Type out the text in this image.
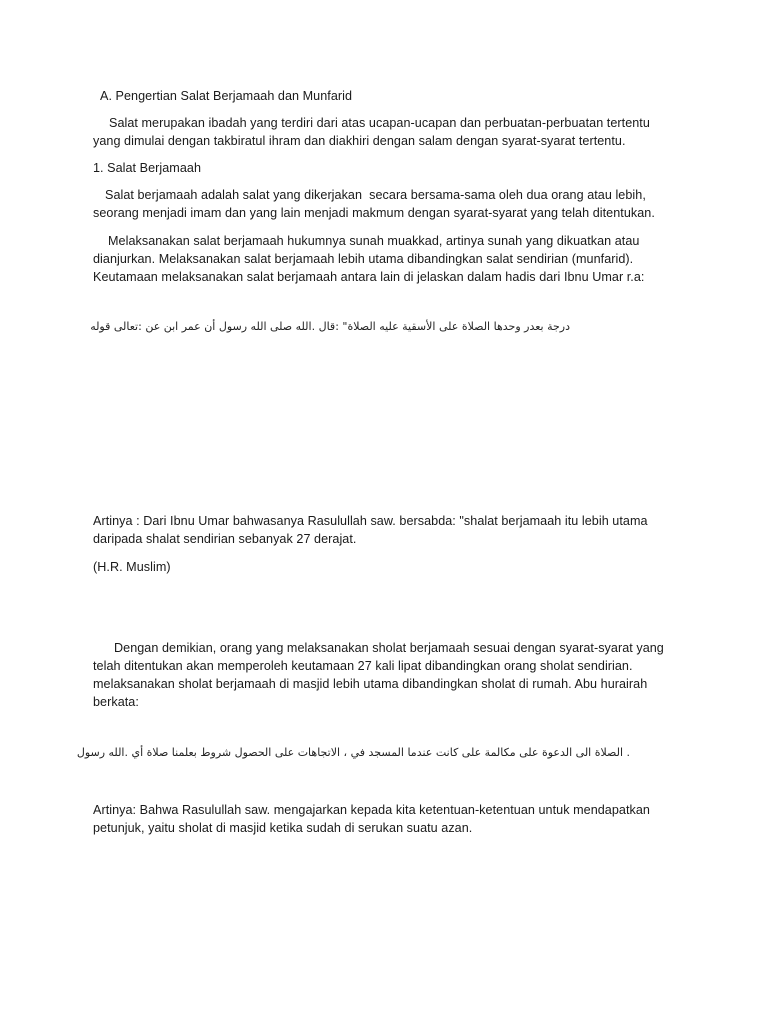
A. Pengertian Salat Berjamaah dan Munfarid
Salat merupakan ibadah yang terdiri dari atas ucapan-ucapan dan perbuatan-perbuatan tertentu
yang dimulai dengan takbiratul ihram dan diakhiri dengan salam dengan syarat-syarat tertentu.
1. Salat Berjamaah
Salat berjamaah adalah salat yang dikerjakan  secara bersama-sama oleh dua orang atau lebih,
seorang menjadi imam dan yang lain menjadi makmum dengan syarat-syarat yang telah ditentukan.
Melaksanakan salat berjamaah hukumnya sunah muakkad, artinya sunah yang dikuatkan atau
dianjurkan. Melaksanakan salat berjamaah lebih utama dibandingkan salat sendirian (munfarid).
Keutamaan melaksanakan salat berjamaah antara lain di jelaskan dalam hadis dari Ibnu Umar r.a:
درجة بعدر وحدها الصلاة على الأسقية عليه الصلاة" :قال .الله صلى الله رسول أن عمر ابن عن :تعالى قوله
Artinya : Dari Ibnu Umar bahwasanya Rasulullah saw. bersabda: "shalat berjamaah itu lebih utama
daripada shalat sendirian sebanyak 27 derajat.
(H.R. Muslim)
Dengan demikian, orang yang melaksanakan sholat berjamaah sesuai dengan syarat-syarat yang
telah ditentukan akan memperoleh keutamaan 27 kali lipat dibandingkan orang sholat sendirian.
melaksanakan sholat berjamaah di masjid lebih utama dibandingkan sholat di rumah. Abu hurairah
berkata:
. الصلاة الى الدعوة على مكالمة على كانت عندما المسجد في ، الاتجاهات على الحصول شروط بعلمنا صلاة أي .الله رسول
Artinya: Bahwa Rasulullah saw. mengajarkan kepada kita ketentuan-ketentuan untuk mendapatkan
petunjuk, yaitu sholat di masjid ketika sudah di serukan suatu azan.
